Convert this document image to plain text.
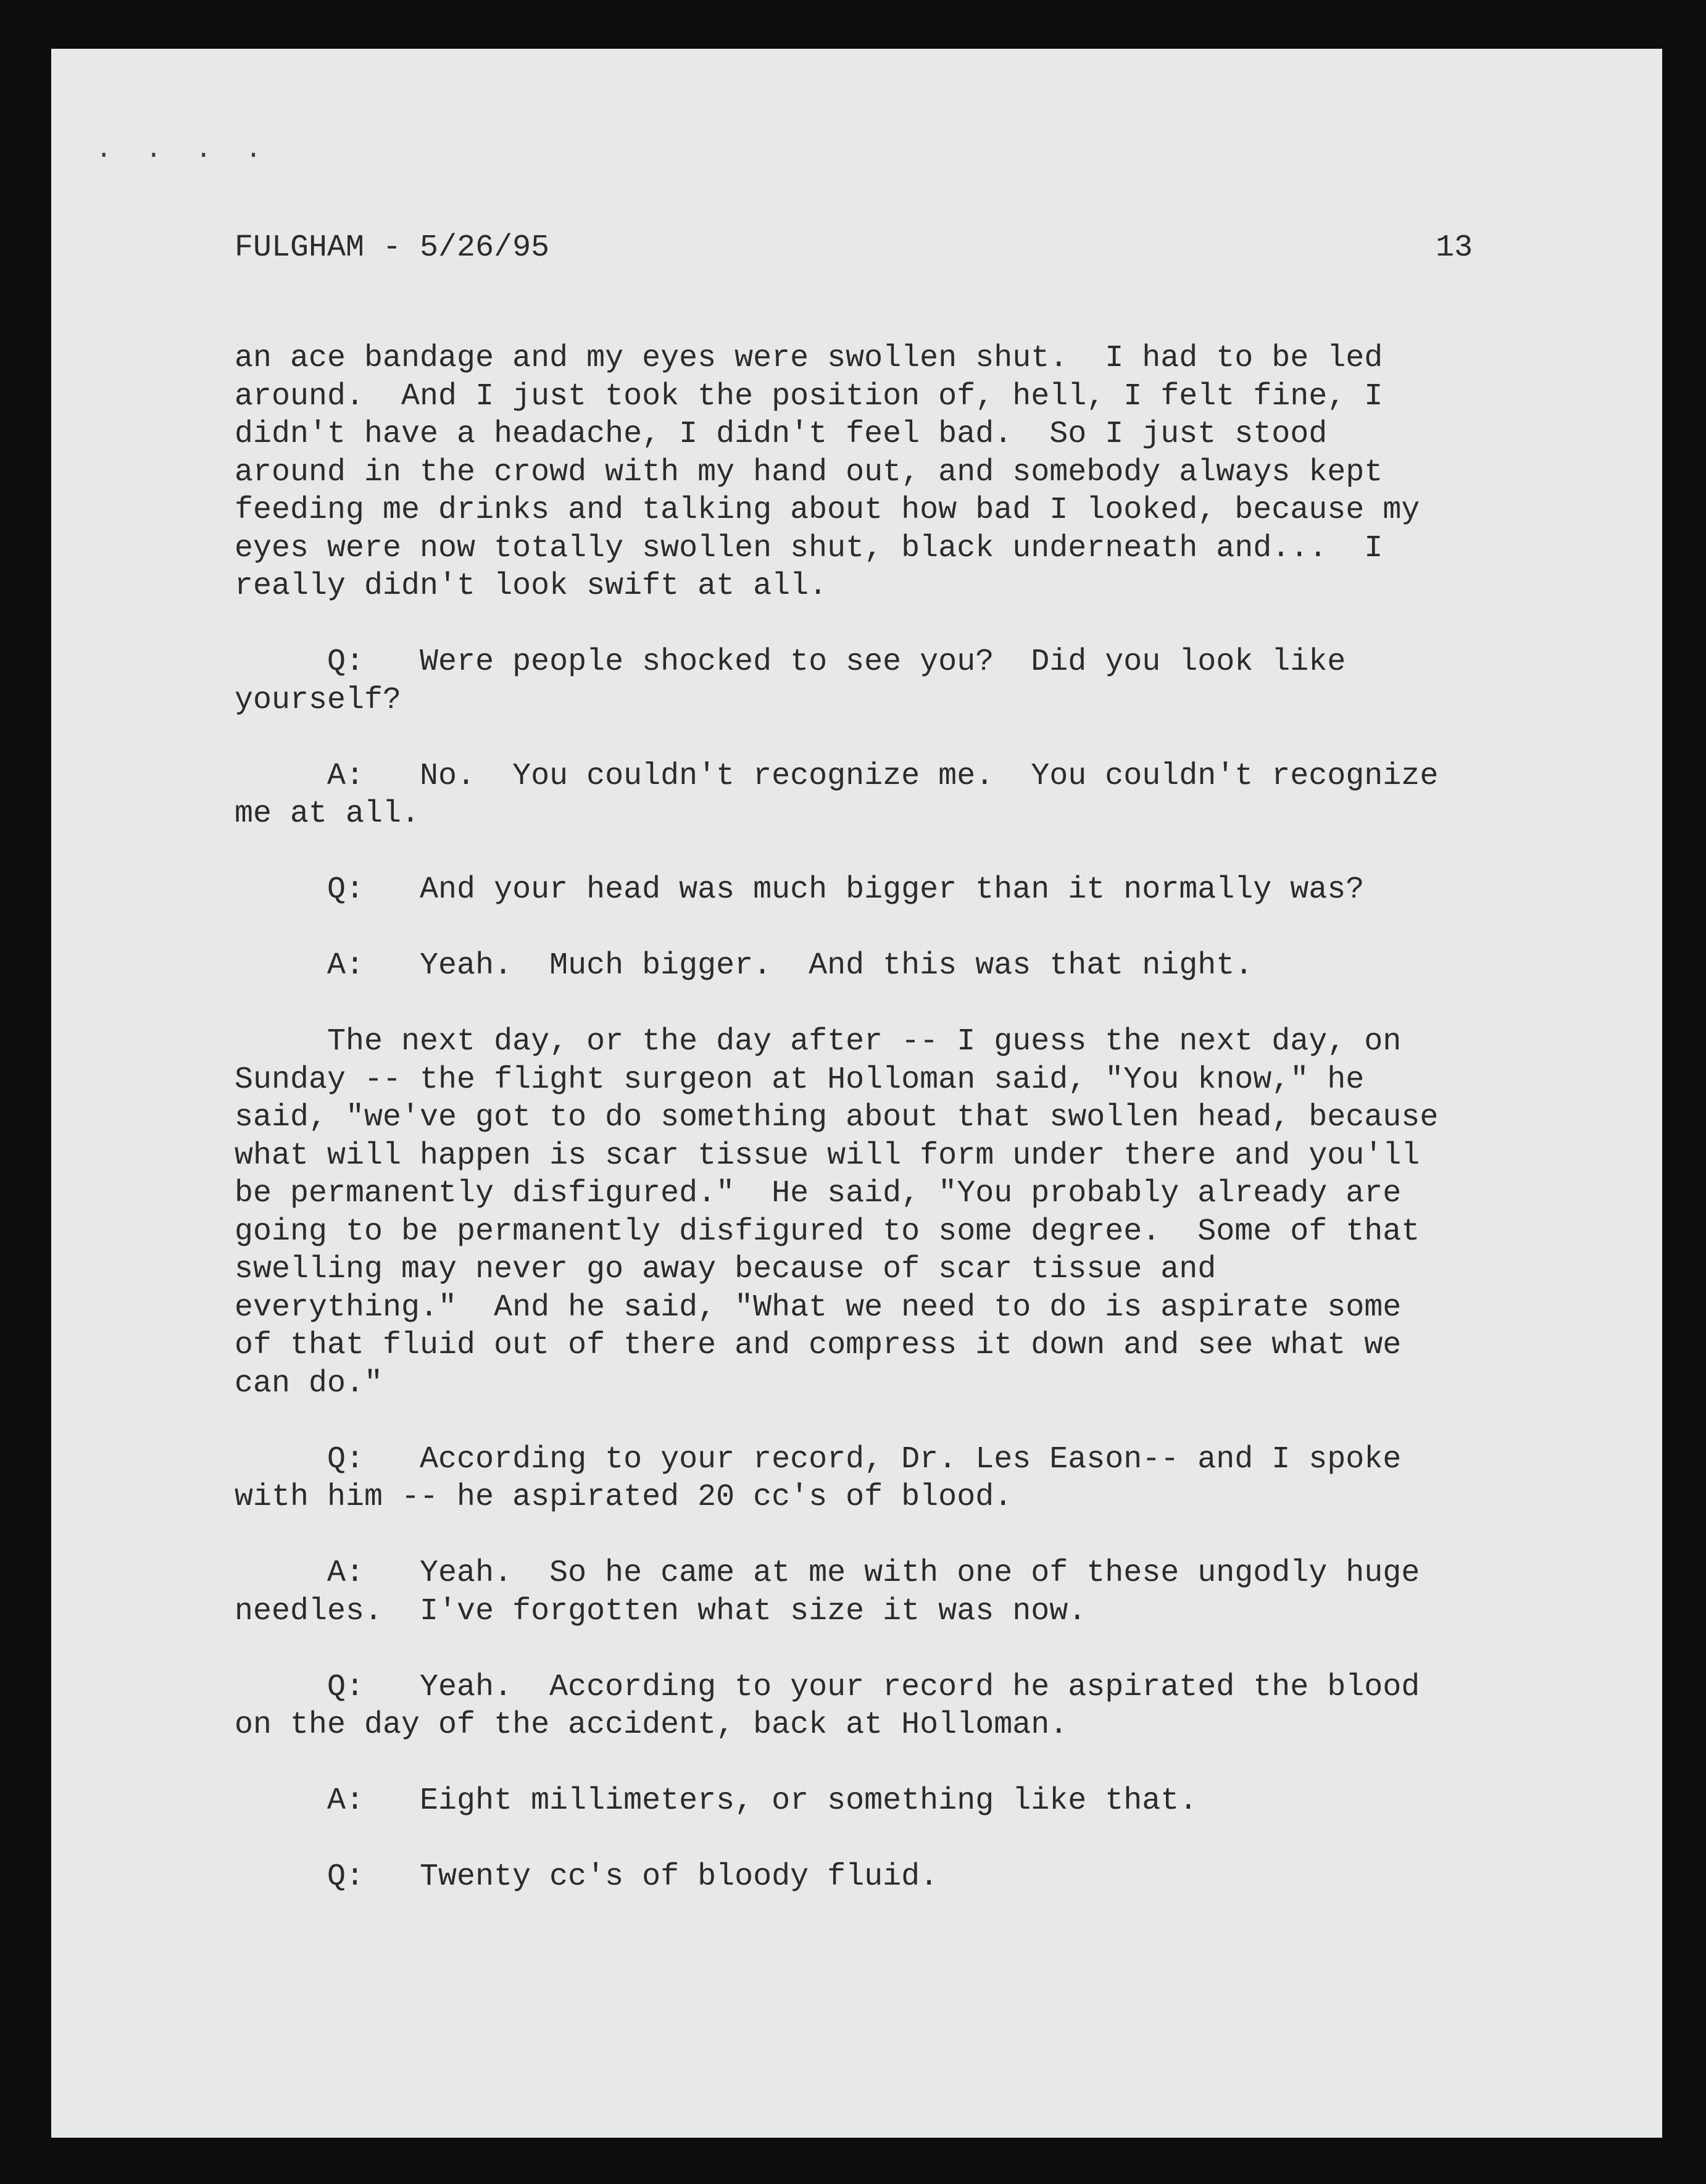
· · · ·
FULGHAM - 5/26/95	13
an ace bandage and my eyes were swollen shut.  I had to be led
around.  And I just took the position of, hell, I felt fine, I
didn't have a headache, I didn't feel bad.  So I just stood
around in the crowd with my hand out, and somebody always kept
feeding me drinks and talking about how bad I looked, because my
eyes were now totally swollen shut, black underneath and...  I
really didn't look swift at all.
Q:   Were people shocked to see you?  Did you look like
yourself?
A:   No.  You couldn't recognize me.  You couldn't recognize
me at all.
Q:   And your head was much bigger than it normally was?
A:   Yeah.  Much bigger.  And this was that night.
The next day, or the day after -- I guess the next day, on
Sunday -- the flight surgeon at Holloman said, "You know," he
said, "we've got to do something about that swollen head, because
what will happen is scar tissue will form under there and you'll
be permanently disfigured."  He said, "You probably already are
going to be permanently disfigured to some degree.  Some of that
swelling may never go away because of scar tissue and
everything."  And he said, "What we need to do is aspirate some
of that fluid out of there and compress it down and see what we
can do."
Q:   According to your record, Dr. Les Eason-- and I spoke
with him -- he aspirated 20 cc's of blood.
A:   Yeah.  So he came at me with one of these ungodly huge
needles.  I've forgotten what size it was now.
Q:   Yeah.  According to your record he aspirated the blood
on the day of the accident, back at Holloman.
A:   Eight millimeters, or something like that.
Q:   Twenty cc's of bloody fluid.
